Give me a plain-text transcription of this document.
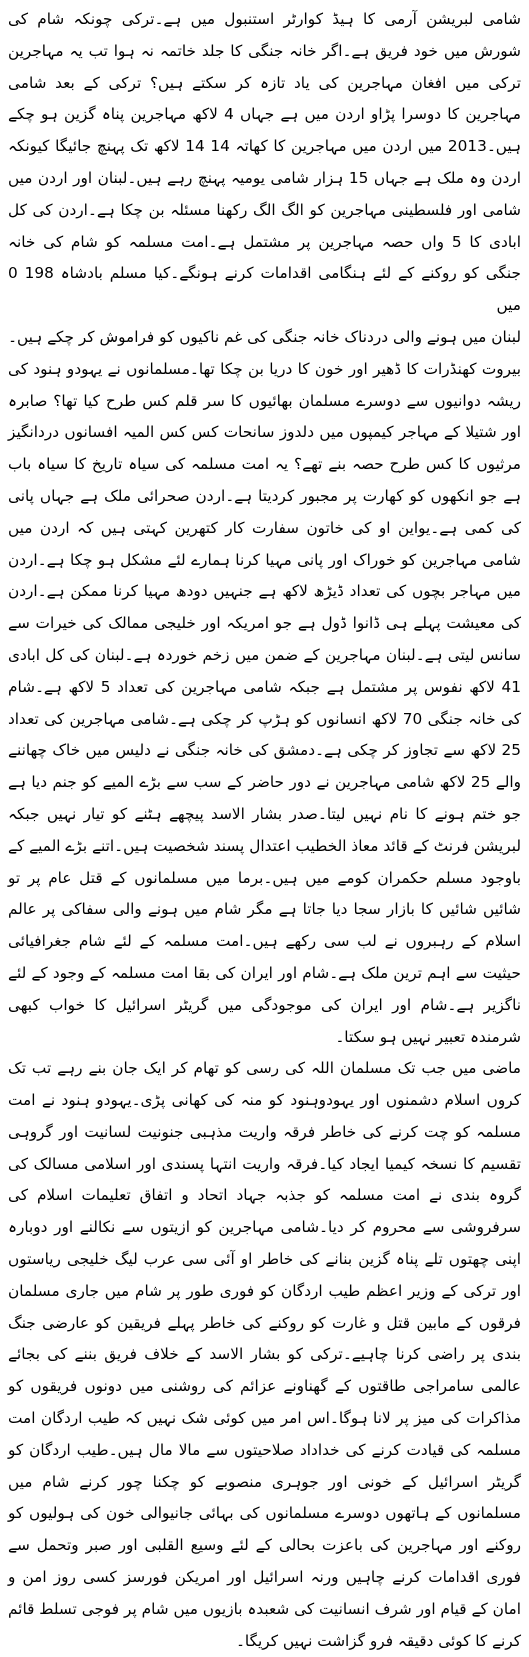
شامی لبریشن آرمی کا ہیڈ کوارٹر استنبول میں ہے۔ترکی چونکہ شام کی شورش میں خود فریق ہے۔اگر خانہ جنگی کا جلد خاتمہ نہ ہوا تب یہ مہاجرین ترکی میں افغان مہاجرین کی یاد تازہ کر سکتے ہیں؟ ترکی کے بعد شامی مہاجرین کا دوسرا پڑاو اردن میں ہے جہاں 4 لاکھ مہاجرین پناہ گزین ہو چکے ہیں۔2013 میں اردن میں مہاجرین کا کھاتہ 14 14 لاکھ تک پہنچ جائیگا کیونکہ اردن وہ ملک ہے جہاں 15 ہزار شامی یومیہ پہنچ رہے ہیں۔لبنان اور اردن میں شامی اور فلسطینی مہاجرین کو الگ الگ رکھنا مسئلہ بن چکا ہے۔اردن کی کل ابادی کا 5 واں حصہ مہاجرین پر مشتمل ہے۔امت مسلمہ کو شام کی خانہ جنگی کو روکنے کے لئے ہنگامی اقدامات کرنے ہونگے۔کیا مسلم بادشاہ 198 0 میں

لبنان میں ہونے والی دردناک خانہ جنگی کی غم ناکیوں کو فراموش کر چکے ہیں۔بیروت کھنڈرات کا ڈھیر اور خون کا دریا بن چکا تھا۔مسلمانوں نے یہودو ہنود کی ریشہ دوانیوں سے دوسرے مسلمان بھائیوں کا سر قلم کس طرح کیا تھا؟ صابرہ اور شتیلا کے مہاجر کیمپوں میں دلدوز سانحات کس کس المیہ افسانوں دردانگیز مرثیوں کا کس طرح حصہ بنے تھے؟ یہ امت مسلمہ کی سیاہ تاریخ کا سیاہ باب ہے جو انکھوں کو کھارت پر مجبور کردیتا ہے۔اردن صحرائی ملک ہے جہاں پانی کی کمی ہے۔یواین او کی خاتون سفارت کار کتھرین کہتی ہیں کہ اردن میں شامی مہاجرین کو خوراک اور پانی مہیا کرنا ہمارے لئے مشکل ہو چکا ہے۔اردن میں مہاجر بچوں کی تعداد ڈیڑھ لاکھ ہے جنہیں دودھ مہیا کرنا ممکن ہے۔اردن کی معیشت پہلے ہی ڈانوا ڈول ہے جو امریکہ اور خلیجی ممالک کی خیرات سے سانس لیتی ہے۔لبنان مہاجرین کے ضمن میں زخم خوردہ ہے۔لبنان کی کل ابادی 41 لاکھ نفوس پر مشتمل ہے جبکہ شامی مہاجرین کی تعداد 5 لاکھ ہے۔شام کی خانہ جنگی 70 لاکھ انسانوں کو ہڑپ کر چکی ہے۔شامی مہاجرین کی تعداد 25 لاکھ سے تجاوز کر چکی ہے۔دمشق کی خانہ جنگی نے دلیس میں خاک چھاننے والے 25 لاکھ شامی مہاجرین نے دور حاضر کے سب سے بڑے المیے کو جنم دیا ہے جو ختم ہونے کا نام نہیں لیتا۔صدر بشار الاسد پیچھے ہٹنے کو تیار نہیں جبکہ لبریشن فرنٹ کے قائد معاذ الخطیب اعتدال پسند شخصیت ہیں۔اتنے بڑے المیے کے باوجود مسلم حکمران کومے میں ہیں۔برما میں مسلمانوں کے قتل عام پر تو شائیں شائیں کا بازار سجا دیا جاتا ہے مگر شام میں ہونے والی سفاکی پر عالم اسلام کے رہبروں نے لب سی رکھے ہیں۔امت مسلمہ کے لئے شام جغرافیائی حیثیت سے اہم ترین ملک ہے۔شام اور ایران کی بقا امت مسلمہ کے وجود کے لئے ناگزیر ہے۔شام اور ایران کی موجودگی میں گریٹر اسرائیل کا خواب کبھی شرمندہ تعبیر نہیں ہو سکتا۔

ماضی میں جب تک مسلمان اللہ کی رسی کو تھام کر ایک جان بنے رہے تب تک کروں اسلام دشمنوں اور یہودوہنود کو منہ کی کھانی پڑی۔یہودو ہنود نے امت مسلمہ کو چت کرنے کی خاطر فرقہ واریت مذہبی جنونیت لسانیت اور گروہی تقسیم کا نسخہ کیمیا ایجاد کیا۔فرقہ واریت انتہا پسندی اور اسلامی مسالک کی گروہ بندی نے امت مسلمہ کو جذبہ جہاد اتحاد و اتفاق تعلیمات اسلام کی سرفروشی سے محروم کر دیا۔شامی مہاجرین کو ازیتوں سے نکالنے اور دوبارہ اپنی چھتوں تلے پناہ گزین بنانے کی خاطر او آئی سی عرب لیگ خلیجی ریاستوں اور ترکی کے وزیر اعظم طیب اردگان کو فوری طور پر شام میں جاری مسلمان فرقوں کے مابین قتل و غارت کو روکنے کی خاطر پہلے فریقین کو عارضی جنگ بندی پر راضی کرنا چاہیے۔ترکی کو بشار الاسد کے خلاف فریق بننے کی بجائے عالمی سامراجی طاقتوں کے گھناونے عزائم کی روشنی میں دونوں فریقوں کو مذاکرات کی میز پر لانا ہوگا۔اس امر میں کوئی شک نہیں کہ طیب اردگان امت مسلمہ کی قیادت کرنے کی خداداد صلاحیتوں سے مالا مال ہیں۔طیب اردگان کو گریٹر اسرائیل کے خونی اور جوہری منصوبے کو چکنا چور کرنے شام میں مسلمانوں کے ہاتھوں دوسرے مسلمانوں کی بہائی جانیوالی خون کی ہولیوں کو روکنے اور مہاجرین کی باعزت بحالی کے لئے وسیع القلبی اور صبر وتحمل سے فوری اقدامات کرنے چاہیں ورنہ اسرائیل اور امریکن فورسز کسی روز امن و امان کے قیام اور شرف انسانیت کی شعبدہ بازیوں میں شام پر فوجی تسلط قائم کرنے کا کوئی دقیقہ فرو گزاشت نہیں کریگا۔
